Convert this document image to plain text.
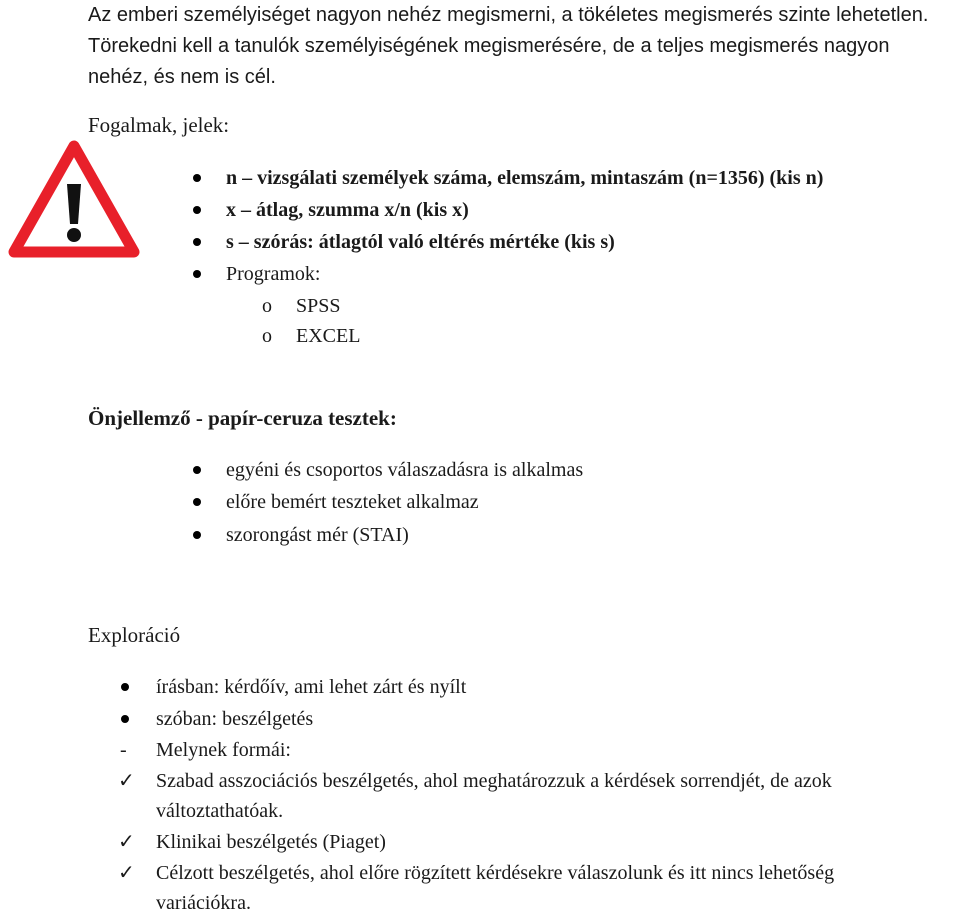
Az emberi személyiséget nagyon nehéz megismerni, a tökéletes megismerés szinte lehetetlen.
Törekedni kell a tanulók személyiségének megismerésére, de a teljes megismerés nagyon
nehéz, és nem is cél.
Fogalmak, jelek:
n – vizsgálati személyek száma, elemszám, mintaszám (n=1356) (kis n)
x – átlag, szumma x/n (kis x)
s – szórás: átlagtól való eltérés mértéke (kis s)
Programok:
o SPSS
o EXCEL
Önjellemző - papír-ceruza tesztek:
egyéni és csoportos válaszadásra is alkalmas
előre bemért teszteket alkalmaz
szorongást mér (STAI)
Exploráció
írásban: kérdőív, ami lehet zárt és nyílt
szóban: beszélgetés
- Melynek formái:
✓ Szabad asszociációs beszélgetés, ahol meghatározzuk a kérdések sorrendjét, de azok
változtathatóak.
✓ Klinikai beszélgetés (Piaget)
✓ Célzott beszélgetés, ahol előre rögzített kérdésekre válaszolunk és itt nincs lehetőség
variációkra.
